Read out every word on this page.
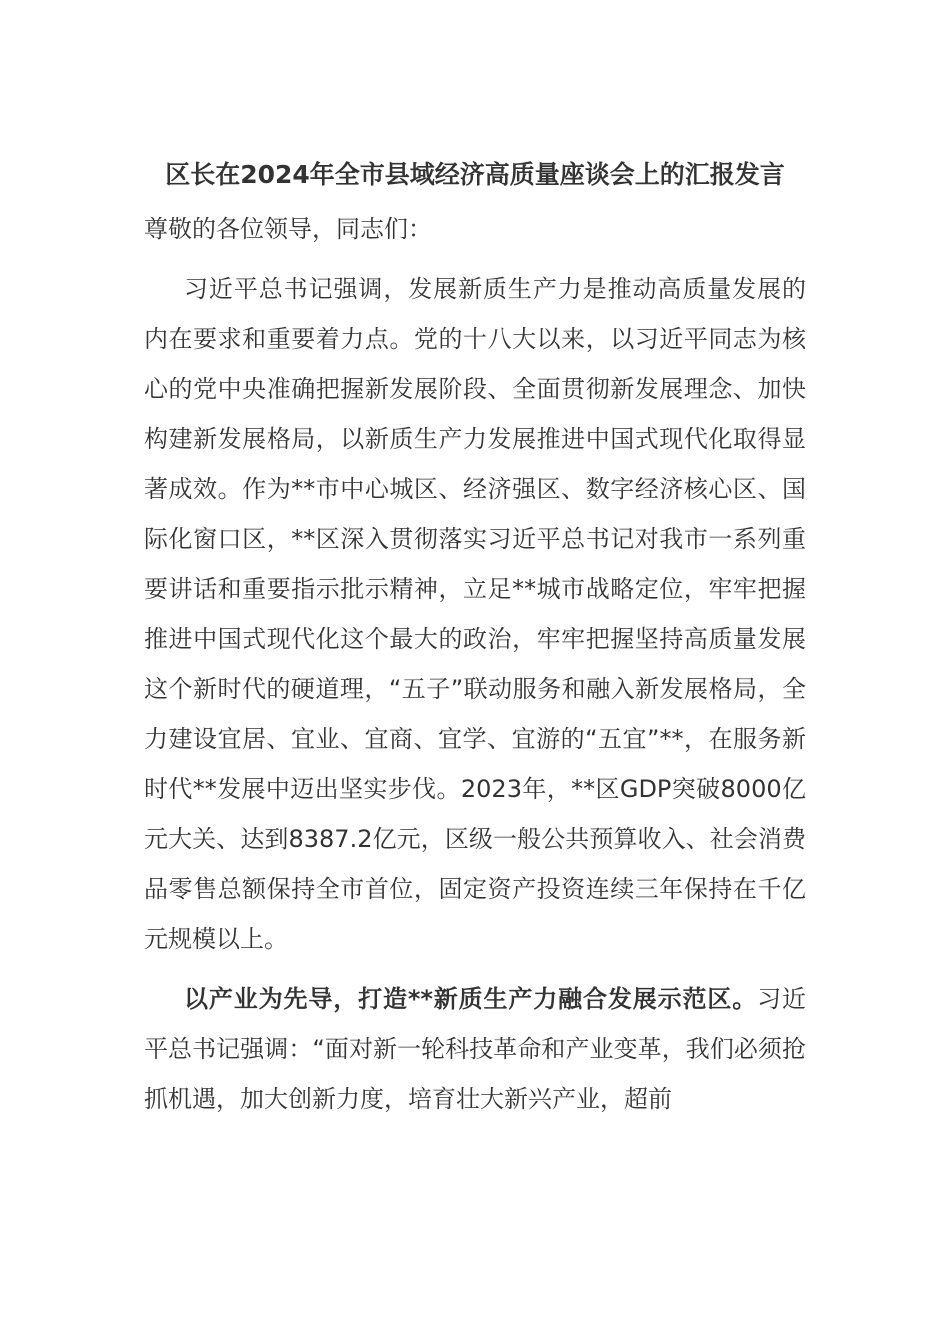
区长在2024年全市县域经济高质量座谈会上的汇报发言

尊敬的各位领导，同志们：

习近平总书记强调，发展新质生产力是推动高质量发展的内在要求和重要着力点。党的十八大以来，以习近平同志为核心的党中央准确把握新发展阶段、全面贯彻新发展理念、加快构建新发展格局，以新质生产力发展推进中国式现代化取得显著成效。作为**市中心城区、经济强区、数字经济核心区、国际化窗口区，**区深入贯彻落实习近平总书记对我市一系列重要讲话和重要指示批示精神，立足**城市战略定位，牢牢把握推进中国式现代化这个最大的政治，牢牢把握坚持高质量发展这个新时代的硬道理，“五子”联动服务和融入新发展格局，全力建设宜居、宜业、宜商、宜学、宜游的“五宜”**，在服务新时代**发展中迈出坚实步伐。2023年，**区GDP突破8000亿元大关、达到8387.2亿元，区级一般公共预算收入、社会消费品零售总额保持全市首位，固定资产投资连续三年保持在千亿元规模以上。

以产业为先导，打造**新质生产力融合发展示范区。习近平总书记强调：“面对新一轮科技革命和产业变革，我们必须抢抓机遇，加大创新力度，培育壮大新兴产业，超前
